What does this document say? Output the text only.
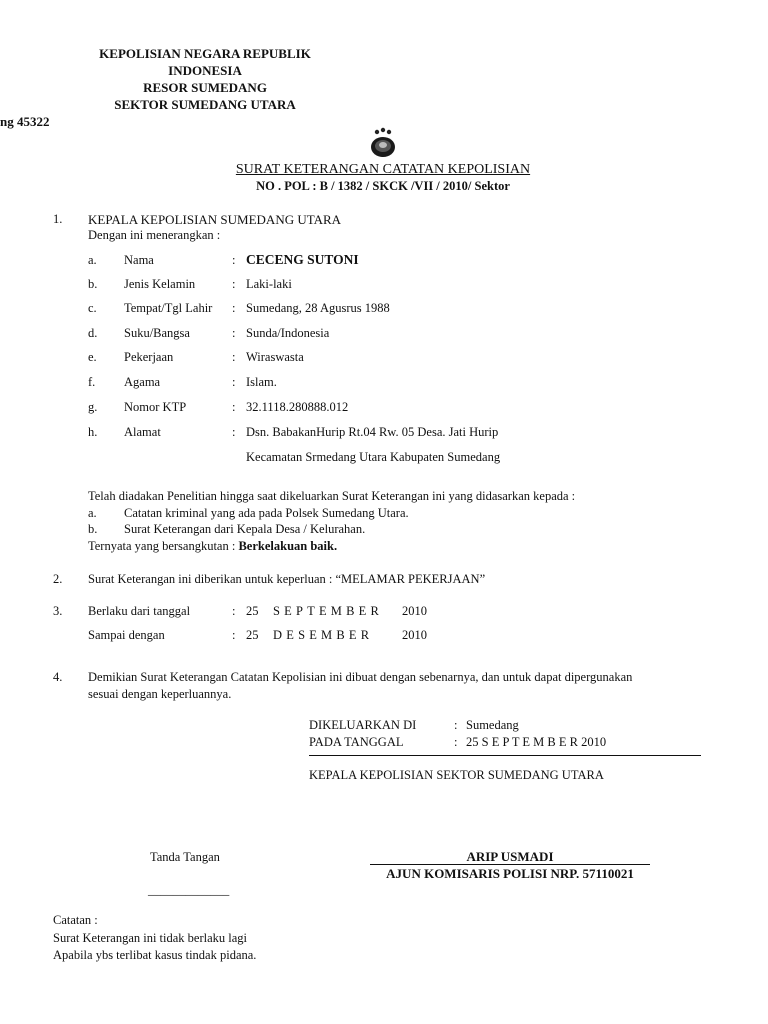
KEPOLISIAN NEGARA REPUBLIK
INDONESIA
RESOR SUMEDANG
SEKTOR SUMEDANG UTARA
ng 45322
SURAT KETERANGAN CATATAN KEPOLISIAN
NO . POL : B / 1382 / SKCK /VII / 2010/ Sektor
1. KEPALA KEPOLISIAN SUMEDANG UTARA
Dengan ini menerangkan :
a. Nama	: CECENG SUTONI
b. Jenis Kelamin	: Laki-laki
c. Tempat/Tgl Lahir : Sumedang, 28 Agusrus 1988
d. Suku/Bangsa	: Sunda/Indonesia
e. Pekerjaan	: Wiraswasta
f. Agama	: Islam.
g. Nomor KTP	: 32.1118.280888.012
h. Alamat	: Dsn. BabakanHurip Rt.04 Rw. 05 Desa. Jati Hurip
Kecamatan Srmedang Utara Kabupaten Sumedang
Telah diadakan Penelitian hingga saat dikeluarkan Surat Keterangan ini yang didasarkan kepada :
a. Catatan kriminal yang ada pada Polsek Sumedang Utara.
b. Surat Keterangan dari Kepala Desa / Kelurahan.
Ternyata yang bersangkutan : Berkelakuan baik.
2. Surat Keterangan ini diberikan untuk keperluan : “MELAMAR PEKERJAAN”
3. Berlaku dari tanggal	: 25 SEPTEMBER 2010
Sampai dengan	: 25 DESEMBER 2010
4. Demikian Surat Keterangan Catatan Kepolisian ini dibuat dengan sebenarnya, dan untuk dapat dipergunakan
sesuai dengan keperluannya.
DIKELUARKAN DI	: Sumedang
PADA TANGGAL	: 25 S E P T E M B E R 2010
KEPALA KEPOLISIAN SEKTOR SUMEDANG UTARA
Tanda Tangan
_____________
ARIP USMADI
AJUN KOMISARIS POLISI NRP. 57110021
Catatan :
Surat Keterangan ini tidak berlaku lagi
Apabila ybs terlibat kasus tindak pidana.
